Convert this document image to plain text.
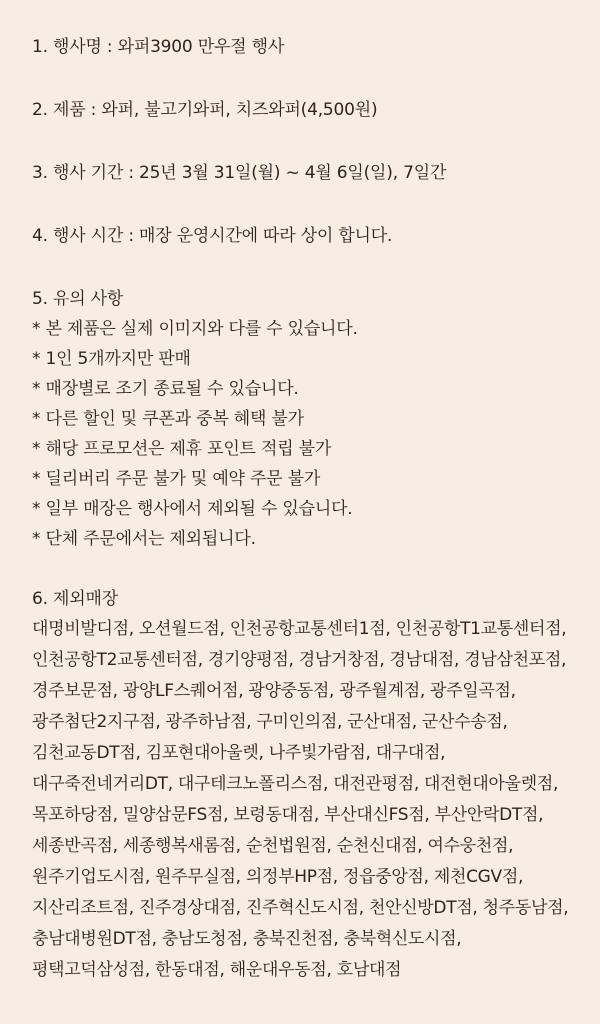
1. 행사명 : 와퍼3900 만우절 행사
2. 제품 : 와퍼, 불고기와퍼, 치즈와퍼(4,500원)
3. 행사 기간 : 25년 3월 31일(월) ~ 4월 6일(일), 7일간
4. 행사 시간 : 매장 운영시간에 따라 상이 합니다.
5. 유의 사항
* 본 제품은 실제 이미지와 다를 수 있습니다.
* 1인 5개까지만 판매
* 매장별로 조기 종료될 수 있습니다.
* 다른 할인 및 쿠폰과 중복 혜택 불가
* 해당 프로모션은 제휴 포인트 적립 불가
* 딜리버리 주문 불가 및 예약 주문 불가
* 일부 매장은 행사에서 제외될 수 있습니다.
* 단체 주문에서는 제외됩니다.
6. 제외매장
대명비발디점, 오션월드점, 인천공항교통센터1점, 인천공항T1교통센터점, 인천공항T2교통센터점, 경기양평점, 경남거창점, 경남대점, 경남삼천포점, 경주보문점, 광양LF스퀘어점, 광양중동점, 광주월계점, 광주일곡점, 광주첨단2지구점, 광주하남점, 구미인의점, 군산대점, 군산수송점, 김천교동DT점, 김포현대아울렛, 나주빛가람점, 대구대점, 대구죽전네거리DT, 대구테크노폴리스점, 대전관평점, 대전현대아울렛점, 목포하당점, 밀양삼문FS점, 보령동대점, 부산대신FS점, 부산안락DT점, 세종반곡점, 세종행복새롬점, 순천법원점, 순천신대점, 여수웅천점, 원주기업도시점, 원주무실점, 의정부HP점, 정읍중앙점, 제천CGV점, 지산리조트점, 진주경상대점, 진주혁신도시점, 천안신방DT점, 청주동남점, 충남대병원DT점, 충남도청점, 충북진천점, 충북혁신도시점, 평택고덕삼성점, 한동대점, 해운대우동점, 호남대점
